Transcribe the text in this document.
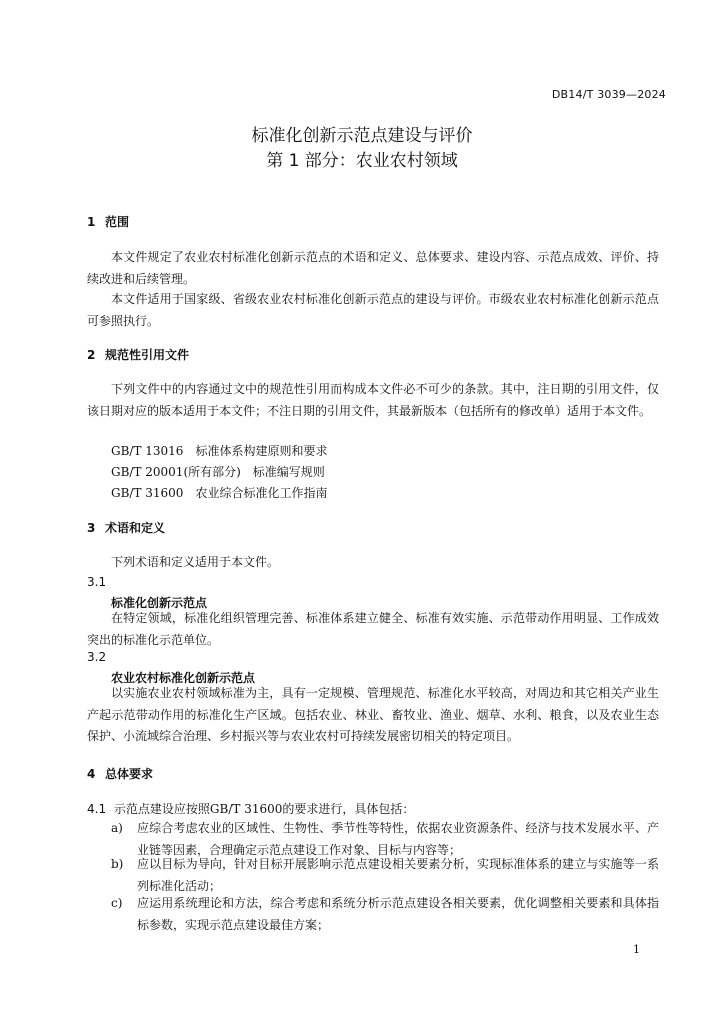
DB14/T 3039—2024
标准化创新示范点建设与评价
第 1 部分：农业农村领域
1 范围
本文件规定了农业农村标准化创新示范点的术语和定义、总体要求、建设内容、示范点成效、评价、持续改进和后续管理。
本文件适用于国家级、省级农业农村标准化创新示范点的建设与评价。市级农业农村标准化创新示范点可参照执行。
2 规范性引用文件
下列文件中的内容通过文中的规范性引用而构成本文件必不可少的条款。其中，注日期的引用文件，仅该日期对应的版本适用于本文件；不注日期的引用文件，其最新版本（包括所有的修改单）适用于本文件。
GB/T 13016　标准体系构建原则和要求
GB/T 20001(所有部分)　标准编写规则
GB/T 31600　农业综合标准化工作指南
3 术语和定义
下列术语和定义适用于本文件。
3.1
标准化创新示范点
在特定领域，标准化组织管理完善、标准体系建立健全、标准有效实施、示范带动作用明显、工作成效突出的标准化示范单位。
3.2
农业农村标准化创新示范点
以实施农业农村领域标准为主，具有一定规模、管理规范、标准化水平较高，对周边和其它相关产业生产起示范带动作用的标准化生产区域。包括农业、林业、畜牧业、渔业、烟草、水利、粮食，以及农业生态保护、小流域综合治理、乡村振兴等与农业农村可持续发展密切相关的特定项目。
4 总体要求
4.1 示范点建设应按照GB/T 31600的要求进行，具体包括：
a) 应综合考虑农业的区域性、生物性、季节性等特性，依据农业资源条件、经济与技术发展水平、产业链等因素，合理确定示范点建设工作对象、目标与内容等；
b) 应以目标为导向，针对目标开展影响示范点建设相关要素分析，实现标准体系的建立与实施等一系列标准化活动；
c) 应运用系统理论和方法，综合考虑和系统分析示范点建设各相关要素，优化调整相关要素和具体指标参数，实现示范点建设最佳方案；
1
